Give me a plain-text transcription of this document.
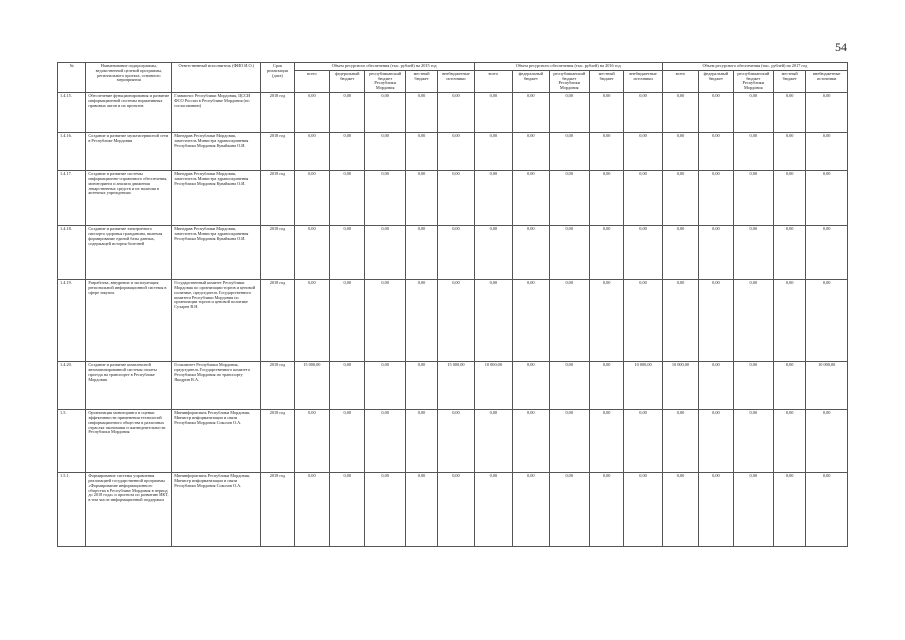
54
№	Наименование подпрограммы, ведомственной целевой программы, регионального проекта, основного мероприятия	Ответственный исполнитель (ФИО И.О.)	Срок реализации (дата)	Объем ресурсного обеспечения (тыс. рублей) на 2015 год					Объем ресурсного обеспечения (тыс. рублей) на 2016 год					Объем ресурсного обеспечения (тыс. рублей) на 2017 год				
				всего	федеральный бюджет	республиканский бюджет Республики Мордовия	местный бюджет	внебюджетные источники	всего	федеральный бюджет	республиканский бюджет Республики Мордовия	местный бюджет	внебюджетные источники	всего	федеральный бюджет	республиканский бюджет Республики Мордовия	местный бюджет	внебюджетные источники
1.4.15.	Обеспечение функционирования и развитие информационной системы нормативных правовых актов и их проектов	Главмонос Республики Мордовия, ЦССИ ФСО России в Республике Мордовия (по согласованию)	2018 год	0,00	0,00	0,00	0,00	0,00	0,00	0,00	0,00	0,00	0,00	0,00	0,00	0,00	0,00	0,00
1.4.16.	Создание и развитие мультисервисной сети в Республике Мордовия	Минздрав Республики Мордовия, заместитель Министра здравоохранения Республики Мордовия Кувайкина О.И.	2018 год	0,00	0,00	0,00	0,00	0,00	0,00	0,00	0,00	0,00	0,00	0,00	0,00	0,00	0,00	0,00
1.4.17.	Создание и развитие системы информационно-справочного обеспечения, мониторинга и анализа движения лекарственных средств и их наличия в аптечных учреждениях	Минздрав Республики Мордовия, заместитель Министра здравоохранения Республики Мордовия Кувайкина О.И.	2018 год	0,00	0,00	0,00	0,00	0,00	0,00	0,00	0,00	0,00	0,00	0,00	0,00	0,00	0,00	0,00
1.4.18.	Создание и развитие электронного паспорта здоровья гражданина, включая формирование единой базы данных, содержащей история болезней	Минздрав Республики Мордовия, заместитель Министра здравоохранения Республики Мордовия Кувайкина О.И.	2018 год	0,00	0,00	0,00	0,00	0,00	0,00	0,00	0,00	0,00	0,00	0,00	0,00	0,00	0,00	0,00
1.4.19.	Разработка, внедрение и эксплуатация региональной информационной системы в сфере закупок	Государственный комитет Республики Мордовия по организации торгов и ценовой политике, председатель Государственного комитета Республики Мордовия по организации торгов и ценовой политике Сухарев В.Н.	2018 год	0,00	0,00	0,00	0,00	0,00	0,00	0,00	0,00	0,00	0,00	0,00	0,00	0,00	0,00	0,00
1.4.20.	Создание и развитие комплексной автоматизированной системы оплаты проезда на транспорте в Республике Мордовия	Госкомитет Республики Мордовия, председатель Государственного комитета Республики Мордовия по транспорту Якодрин В.А.	2018 год	15 000,00	0,00	0,00	0,00	15 000,00	10 000,00	0,00	0,00	0,00	10 000,00	10 000,00	0,00	0,00	0,00	10 000,00
1.5.	Организация мониторинга и оценки эффективности применения технологий информационного общества в различных отраслях экономики и жизнедеятельности Республики Мордовия	Мининформсвязь Республики Мордовия, Министр информатизации и связи Республики Мордовия Соколов О.А.	2018 год	0,00	0,00	0,00	0,00	0,00	0,00	0,00	0,00	0,00	0,00	0,00	0,00	0,00	0,00	0,00
1.5.1.	Формирование системы управления реализацией государственной программы «Формирование информационного общества в Республике Мордовия в период до 2018 года» и прогноза по развитию ИКТ, в том числе информационной поддержки	Мининформсвязь Республики Мордовия, Министр информатизации и связи Республики Мордовия Соколов О.А.	2018 год	0,00	0,00	0,00	0,00	0,00	0,00	0,00	0,00	0,00	0,00	0,00	0,00	0,00	0,00	0,00
